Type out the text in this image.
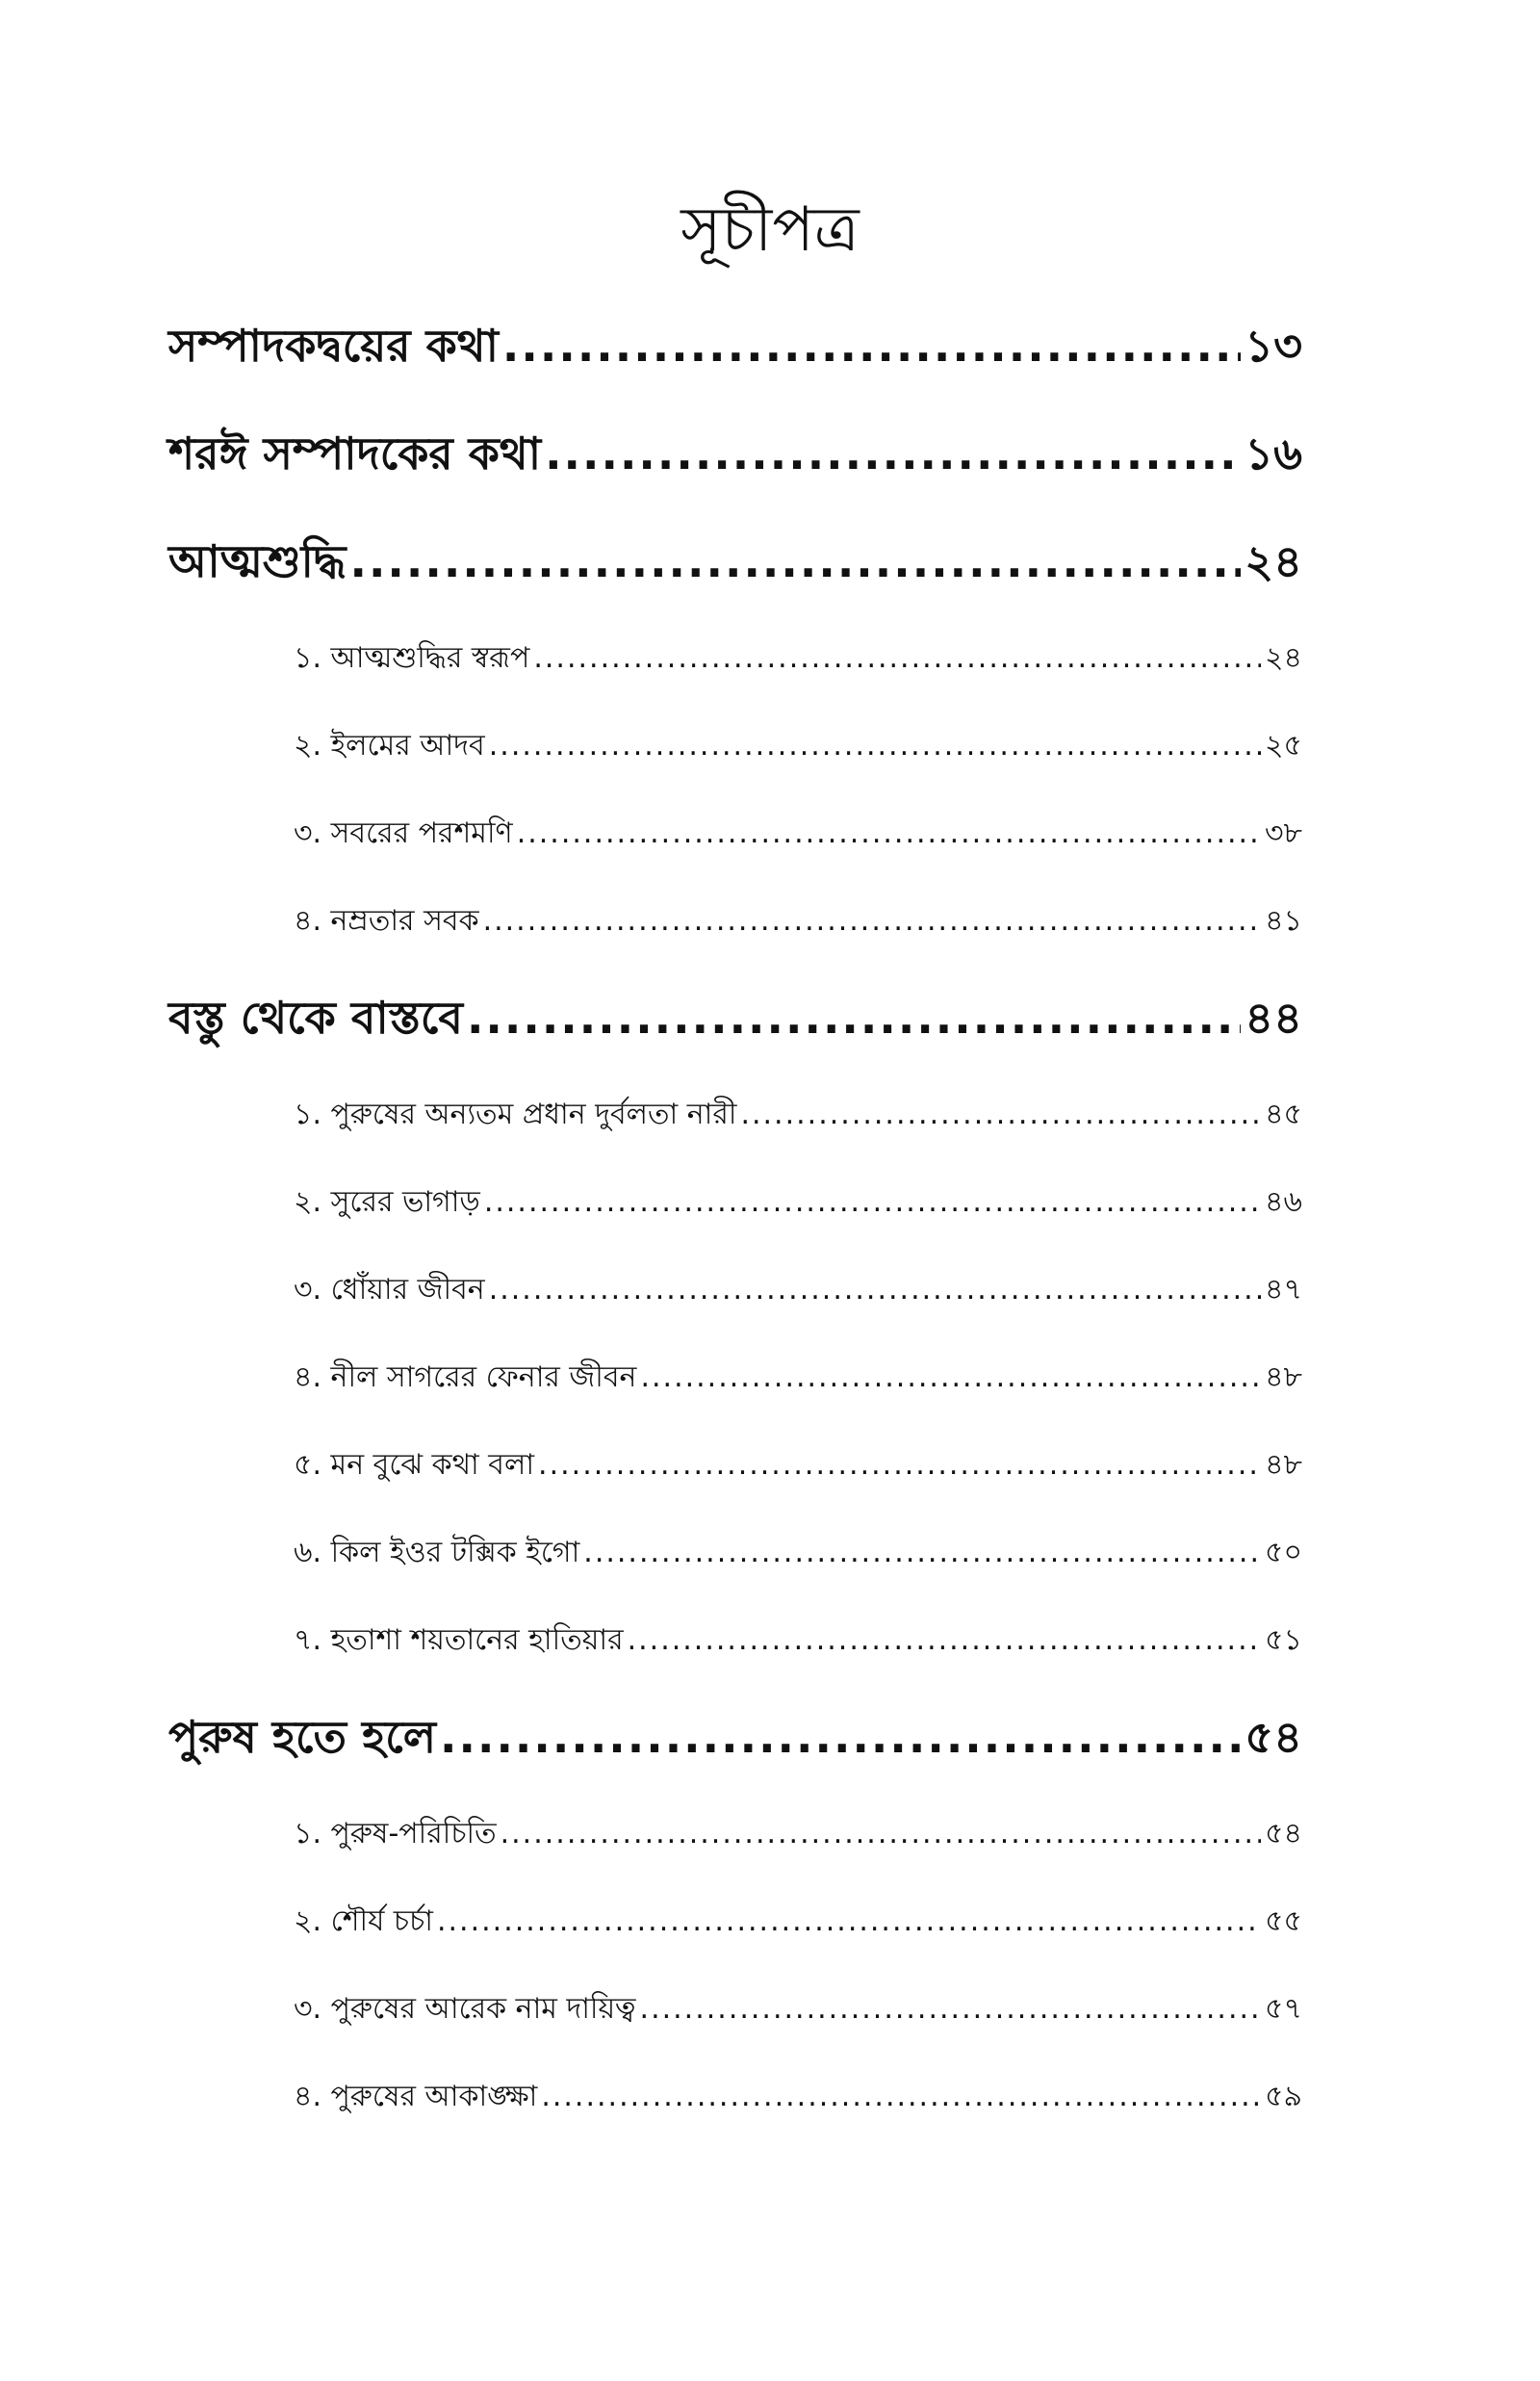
সূচীপত্র
সম্পাদকদ্বয়ের কথা .....	১৩
শরঈ সম্পাদকের কথা .....	১৬
আত্মশুদ্ধি .....	২৪
১. আত্মশুদ্ধির স্বরূপ .....	২৪
২. ইলমের আদব .....	২৫
৩. সবরের পরশমণি .....	৩৮
৪. নম্রতার সবক .....	৪১
বস্তু থেকে বাস্তবে .....	৪৪
১. পুরুষের অন্যতম প্রধান দুর্বলতা নারী .....	৪৫
২. সুরের ভাগাড় .....	৪৬
৩. ধোঁয়ার জীবন .....	৪৭
৪. নীল সাগরের ফেনার জীবন .....	৪৮
৫. মন বুঝে কথা বলা .....	৪৮
৬. কিল ইওর টক্সিক ইগো .....	৫০
৭. হতাশা শয়তানের হাতিয়ার .....	৫১
পুরুষ হতে হলে .....	৫৪
১. পুরুষ-পরিচিতি .....	৫৪
২. শৌর্য চর্চা .....	৫৫
৩. পুরুষের আরেক নাম দায়িত্ব .....	৫৭
৪. পুরুষের আকাঙ্ক্ষা .....	৫৯
